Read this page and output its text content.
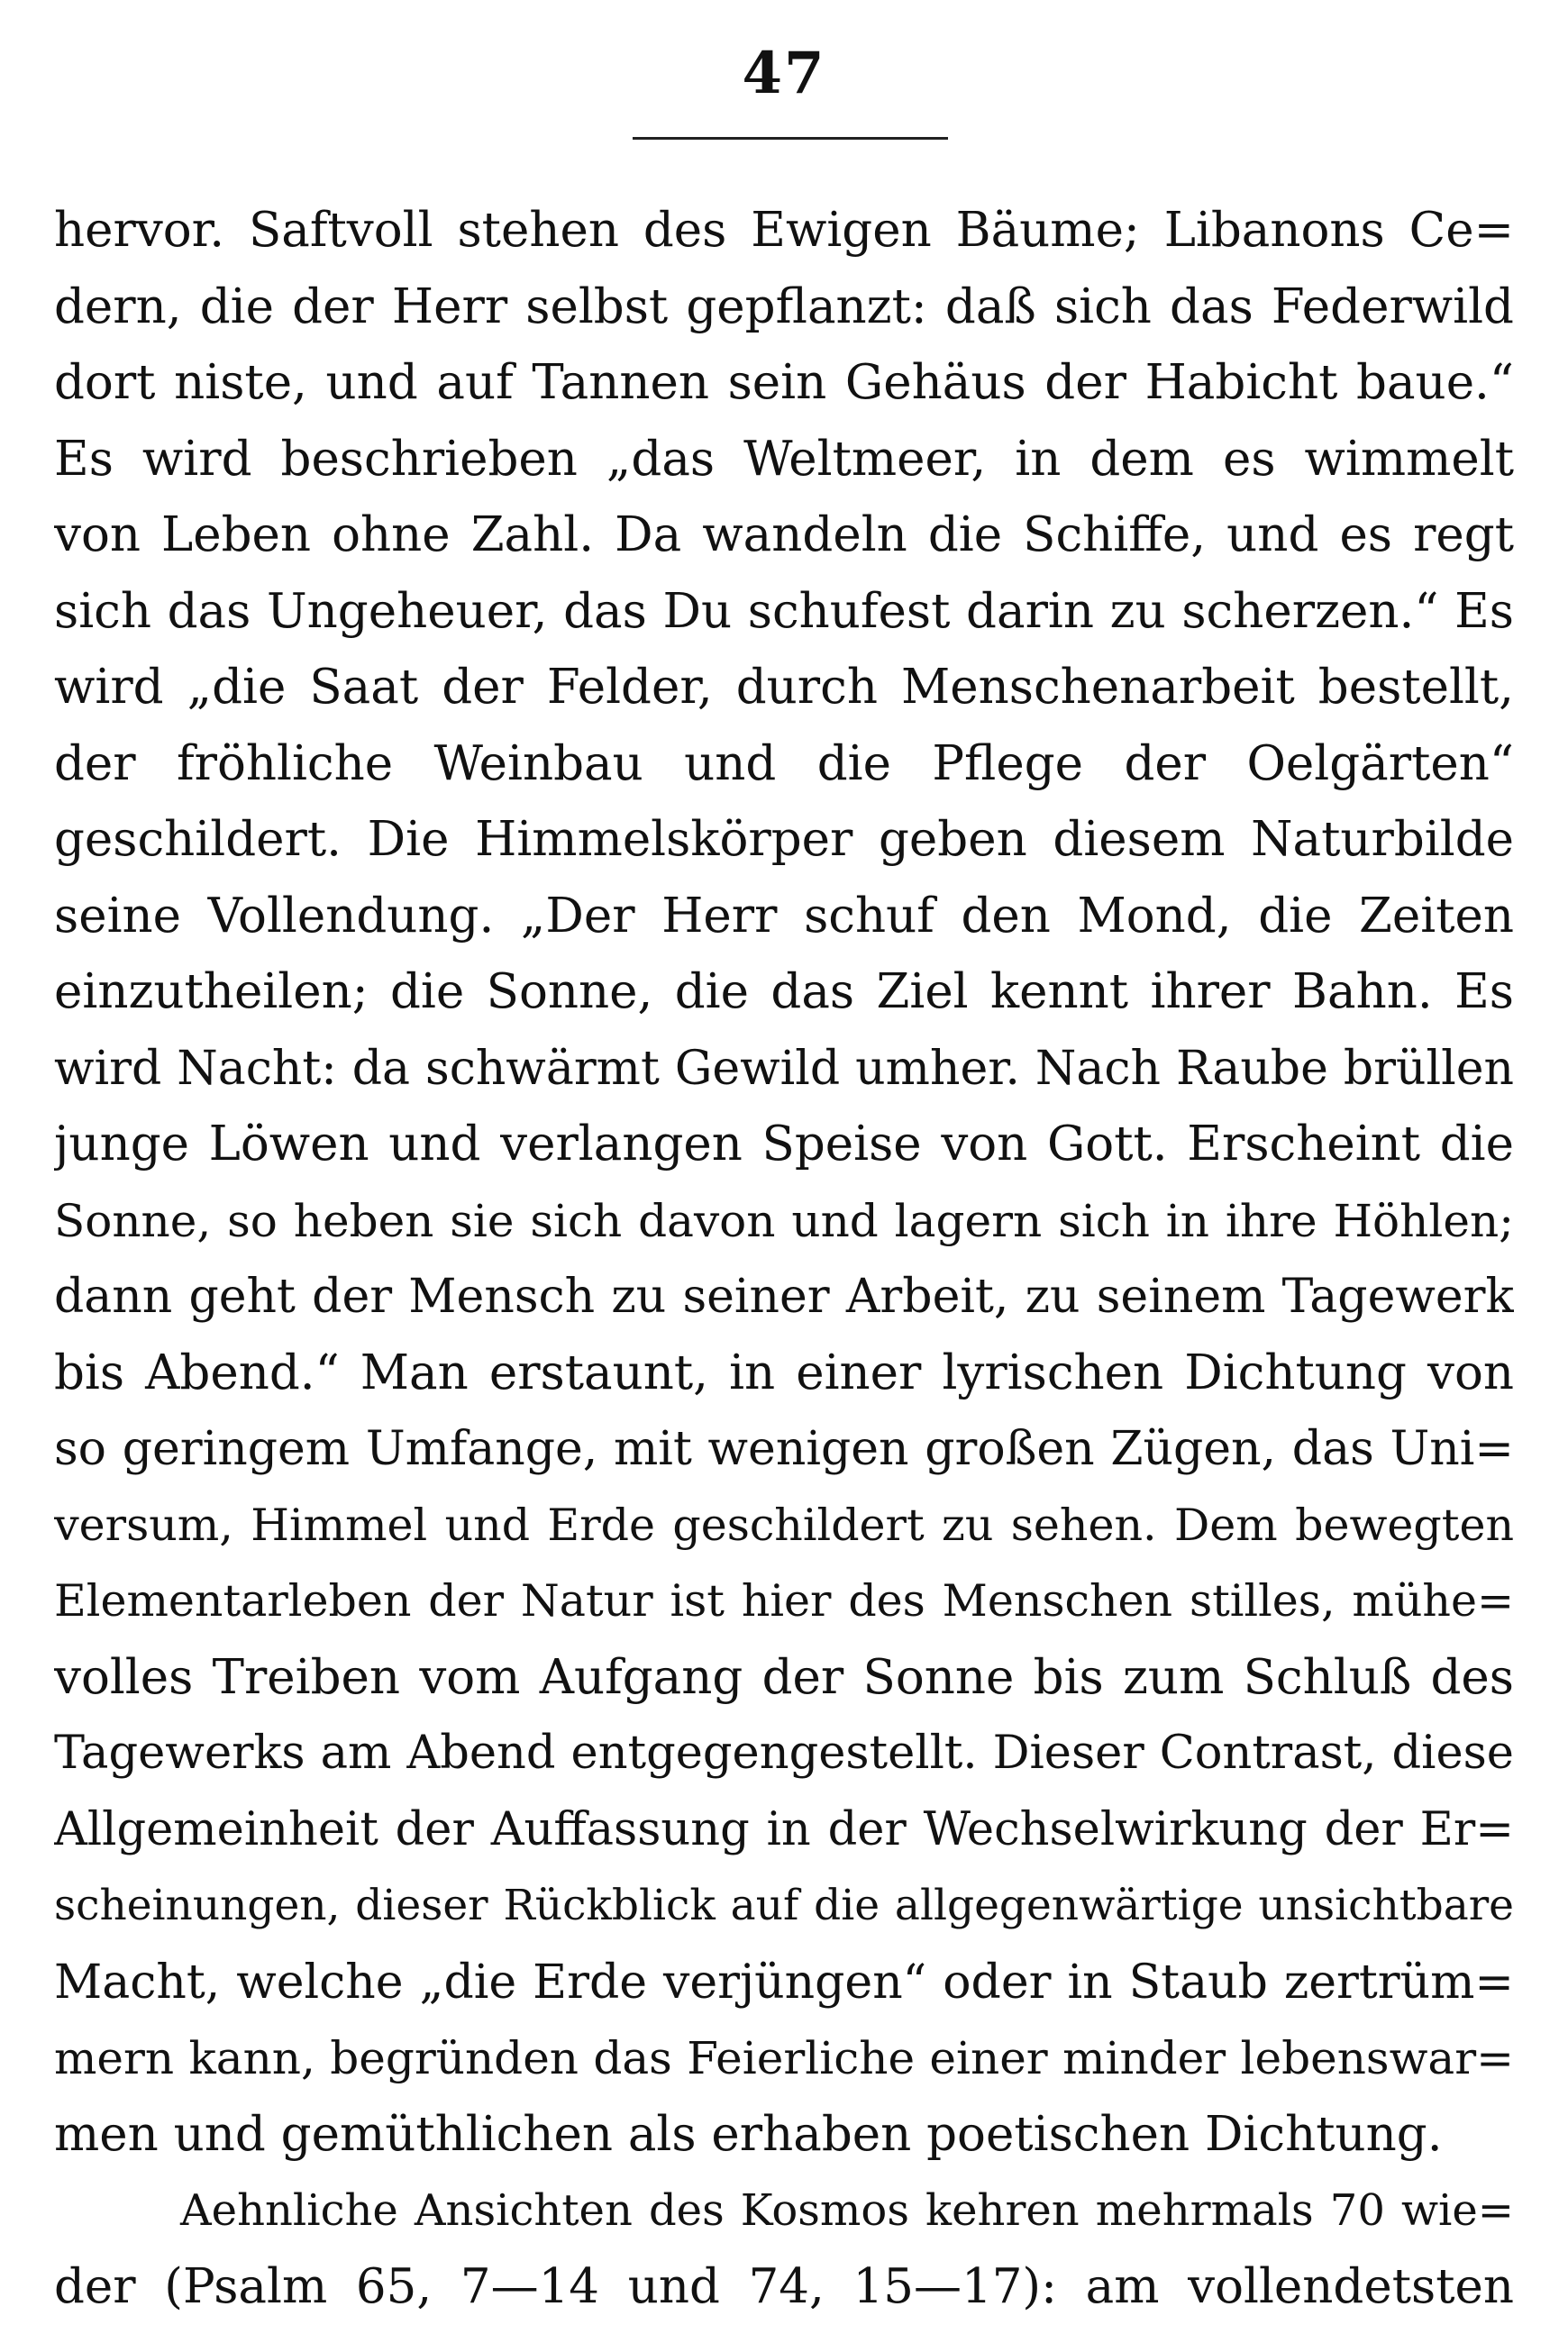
47
hervor. Saftvoll stehen des Ewigen Bäume; Libanons Ce=
dern, die der Herr selbst gepflanzt: daß sich das Federwild
dort niste, und auf Tannen sein Gehäus der Habicht baue.“
Es wird beschrieben „das Weltmeer, in dem es wimmelt
von Leben ohne Zahl. Da wandeln die Schiffe, und es regt
sich das Ungeheuer, das Du schufest darin zu scherzen.“ Es
wird „die Saat der Felder, durch Menschenarbeit bestellt,
der fröhliche Weinbau und die Pflege der Oelgärten“
geschildert. Die Himmelskörper geben diesem Naturbilde
seine Vollendung. „Der Herr schuf den Mond, die Zeiten
einzutheilen; die Sonne, die das Ziel kennt ihrer Bahn. Es
wird Nacht: da schwärmt Gewild umher. Nach Raube brüllen
junge Löwen und verlangen Speise von Gott. Erscheint die
Sonne, so heben sie sich davon und lagern sich in ihre Höhlen;
dann geht der Mensch zu seiner Arbeit, zu seinem Tagewerk
bis Abend.“ Man erstaunt, in einer lyrischen Dichtung von
so geringem Umfange, mit wenigen großen Zügen, das Uni=
versum, Himmel und Erde geschildert zu sehen. Dem bewegten
Elementarleben der Natur ist hier des Menschen stilles, mühe=
volles Treiben vom Aufgang der Sonne bis zum Schluß des
Tagewerks am Abend entgegengestellt. Dieser Contrast, diese
Allgemeinheit der Auffassung in der Wechselwirkung der Er=
scheinungen, dieser Rückblick auf die allgegenwärtige unsichtbare
Macht, welche „die Erde verjüngen“ oder in Staub zertrüm=
mern kann, begründen das Feierliche einer minder lebenswar=
men und gemüthlichen als erhaben poetischen Dichtung.
Aehnliche Ansichten des Kosmos kehren mehrmals 70 wie=
der (Psalm 65, 7—14 und 74, 15—17): am vollendetsten
